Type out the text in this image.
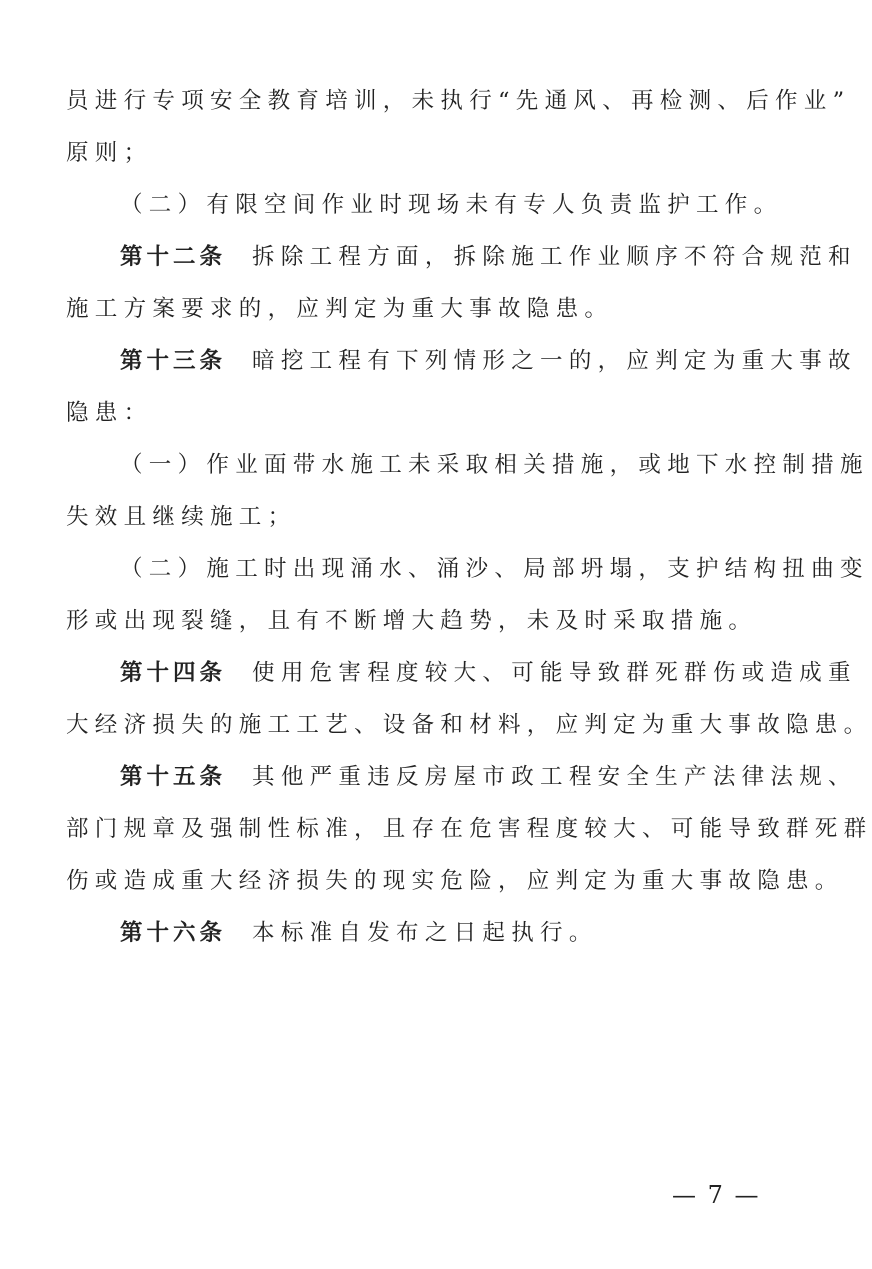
员进行专项安全教育培训，未执行“先通风、再检测、后作业”
原则；
（二）有限空间作业时现场未有专人负责监护工作。
第十二条 拆除工程方面，拆除施工作业顺序不符合规范和
施工方案要求的，应判定为重大事故隐患。
第十三条 暗挖工程有下列情形之一的，应判定为重大事故
隐患：
（一）作业面带水施工未采取相关措施，或地下水控制措施
失效且继续施工；
（二）施工时出现涌水、涌沙、局部坍塌，支护结构扭曲变
形或出现裂缝，且有不断增大趋势，未及时采取措施。
第十四条 使用危害程度较大、可能导致群死群伤或造成重
大经济损失的施工工艺、设备和材料，应判定为重大事故隐患。
第十五条 其他严重违反房屋市政工程安全生产法律法规、
部门规章及强制性标准，且存在危害程度较大、可能导致群死群
伤或造成重大经济损失的现实危险，应判定为重大事故隐患。
第十六条 本标准自发布之日起执行。
— 7 —
